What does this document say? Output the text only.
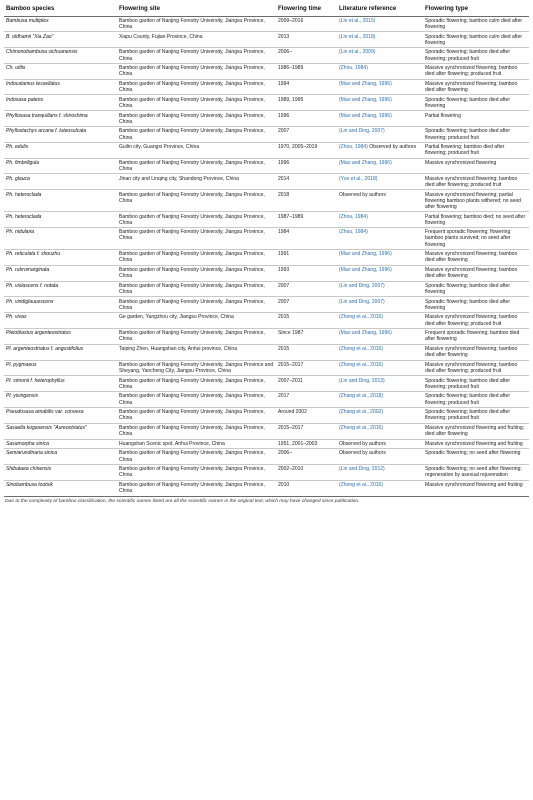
Bamboo species	Flowering site	Flowering time	Literature reference	Flowering type
Bambusa multiplex	Bamboo garden of Nanjing Forestry University, Jiangsu Province, China	2009–2016	(Lin et al., 2015)	Sporadic flowering; bamboo culm died after flowering
B. oldhamii "Xia Zao"	Xiapu County, Fujian Province, China	2013	(Lin et al., 2018)	Sporadic flowering; bamboo culm died after flowering
Chimonobambusa sichuanensis	Bamboo garden of Nanjing Forestry University, Jiangsu Province, China	2006–	(Lin et al., 2009)	Sporadic flowering; bamboo died after flowering; produced fruit
Ch. utilis	Bamboo garden of Nanjing Forestry University, Jiangsu Province, China	1986–1989	(Zhou, 1984)	Massive synchronized flowering; bamboo died after flowering; produced fruit
Indocalamus tessellatus	Bamboo garden of Nanjing Forestry University, Jiangsu Province, China	1994	(Mao and Zhang, 1996)	Massive synchronized flowering; bamboo died after flowering
Indosasa patens	Bamboo garden of Nanjing Forestry University, Jiangsu Province, China	1989, 1995	(Mao and Zhang, 1996)	Sporadic flowering; bamboo died after flowering
Phyllosasa tranquillans f. shiroshima	Bamboo garden of Nanjing Forestry University, Jiangsu Province, China	1996	(Mao and Zhang, 1996)	Partial flowering
Phyllostachys arcana f. luteosulcata	Bamboo garden of Nanjing Forestry University, Jiangsu Province, China	2007	(Lin and Ding, 2007)	Sporadic flowering; bamboo died after flowering; produced fruit
Ph. edulis	Guilin city, Guangxi Province, China	1970, 2005–2019	(Zhou, 1984) Observed by authors	Partial flowering; bamboo died after flowering; produced fruit
Ph. fimbriligula	Bamboo garden of Nanjing Forestry University, Jiangsu Province, China	1996	(Mao and Zhang, 1996)	Massive synchronized flowering
Ph. glauca	Jinan city and Linqing city, Shandong Province, China	2014	(Yue et al., 2018)	Massive synchronized flowering; bamboo died after flowering; produced fruit
Ph. heteroclada	Bamboo garden of Nanjing Forestry University, Jiangsu Province, China	2018	Observed by authors	Massive synchronized flowering; partial flowering bamboo plants withered; no seed after flowering
Ph. heteroclada	Bamboo garden of Nanjing Forestry University, Jiangsu Province, China	1987–1989	(Zhou, 1984)	Partial flowering; bamboo died; no seed after flowering
Ph. nidularia	Bamboo garden of Nanjing Forestry University, Jiangsu Province, China	1984	(Zhou, 1984)	Frequent sporadic flowering; flowering bamboo plants survived; no seed after flowering
Ph. reticulata f. shouzhu	Bamboo garden of Nanjing Forestry University, Jiangsu Province, China	1991	(Mao and Zhang, 1996)	Massive synchronized flowering; bamboo died after flowering
Ph. rubromarginata	Bamboo garden of Nanjing Forestry University, Jiangsu Province, China	1993	(Mao and Zhang, 1996)	Massive synchronized flowering; bamboo died after flowering
Ph. violascens f. notata	Bamboo garden of Nanjing Forestry University, Jiangsu Province, China	2007	(Lin and Ding, 2007)	Sporadic flowering; bamboo died after flowering
Ph. viridiglaucescens	Bamboo garden of Nanjing Forestry University, Jiangsu Province, China	2007	(Lin and Ding, 2007)	Sporadic flowering; bamboo died after flowering
Ph. vivax	Ge garden, Yangzhou city, Jiangsu Province, China	2015	(Zheng et al., 2016)	Massive synchronized flowering; bamboo died after flowering; produced fruit
Pleioblastus argenteostriatus	Bamboo garden of Nanjing Forestry University, Jiangsu Province, China	Since 1987	(Mao and Zhang, 1996)	Frequent sporadic flowering; bamboo died after flowering
Pl. argenteostriatus f. angustifolius	Taiping Zhen, Huangshan city, Anhui province, China	2015	(Zheng et al., 2016)	Massive synchronized flowering; bamboo died after flowering
Pl. pygmaeus	Bamboo garden of Nanjing Forestry University, Jiangsu Province and Sheyang, Yancheng City, Jiangsu Province, China	2015–2017	(Zheng et al., 2016)	Massive synchronized flowering; bamboo died after flowering; produced fruit
Pl. simonii f. heterophyllus	Bamboo garden of Nanjing Forestry University, Jiangsu Province, China	2007–2011	(Lin and Ding, 2013)	Sporadic flowering; bamboo died after flowering; produced fruit
Pl. yixingensis	Bamboo garden of Nanjing Forestry University, Jiangsu Province, China	2017	(Zhang et al., 2018)	Sporadic flowering; bamboo died after flowering; produced fruit
Pseudosasa amabilis var. convexa	Bamboo garden of Nanjing Forestry University, Jiangsu Province, China	Around 2002	(Zhang et al., 2002)	Sporadic flowering; bamboo died after flowering; produced fruit
Sasaella kogasensis "Aureostriatus"	Bamboo garden of Nanjing Forestry University, Jiangsu Province, China	2015–2017	(Zheng et al., 2016)	Massive synchronized flowering and fruiting; died after flowering
Sasamorpha sinica	Huangshan Scenic spot, Anhui Province, China	1951, 2001–2003	Observed by authors	Massive synchronized flowering and fruiting
Semiarundinaria sinica	Bamboo garden of Nanjing Forestry University, Jiangsu Province, China	2006–	Observed by authors	Sporadic flowering; no seed after flowering
Shibataea chinensis	Bamboo garden of Nanjing Forestry University, Jiangsu Province, China	2002–2010	(Lin and Ding, 2012)	Sporadic flowering; no seed after flowering; regeneration by asexual rejuvenation
Sinobambusa tootsik	Bamboo garden of Nanjing Forestry University, Jiangsu Province, China	2010	(Zheng et al., 2016)	Massive synchronized flowering and fruiting
Due to the complexity of bamboo classification, the scientific names listed are all the scientific names in the original text, which may have changed since publication.
